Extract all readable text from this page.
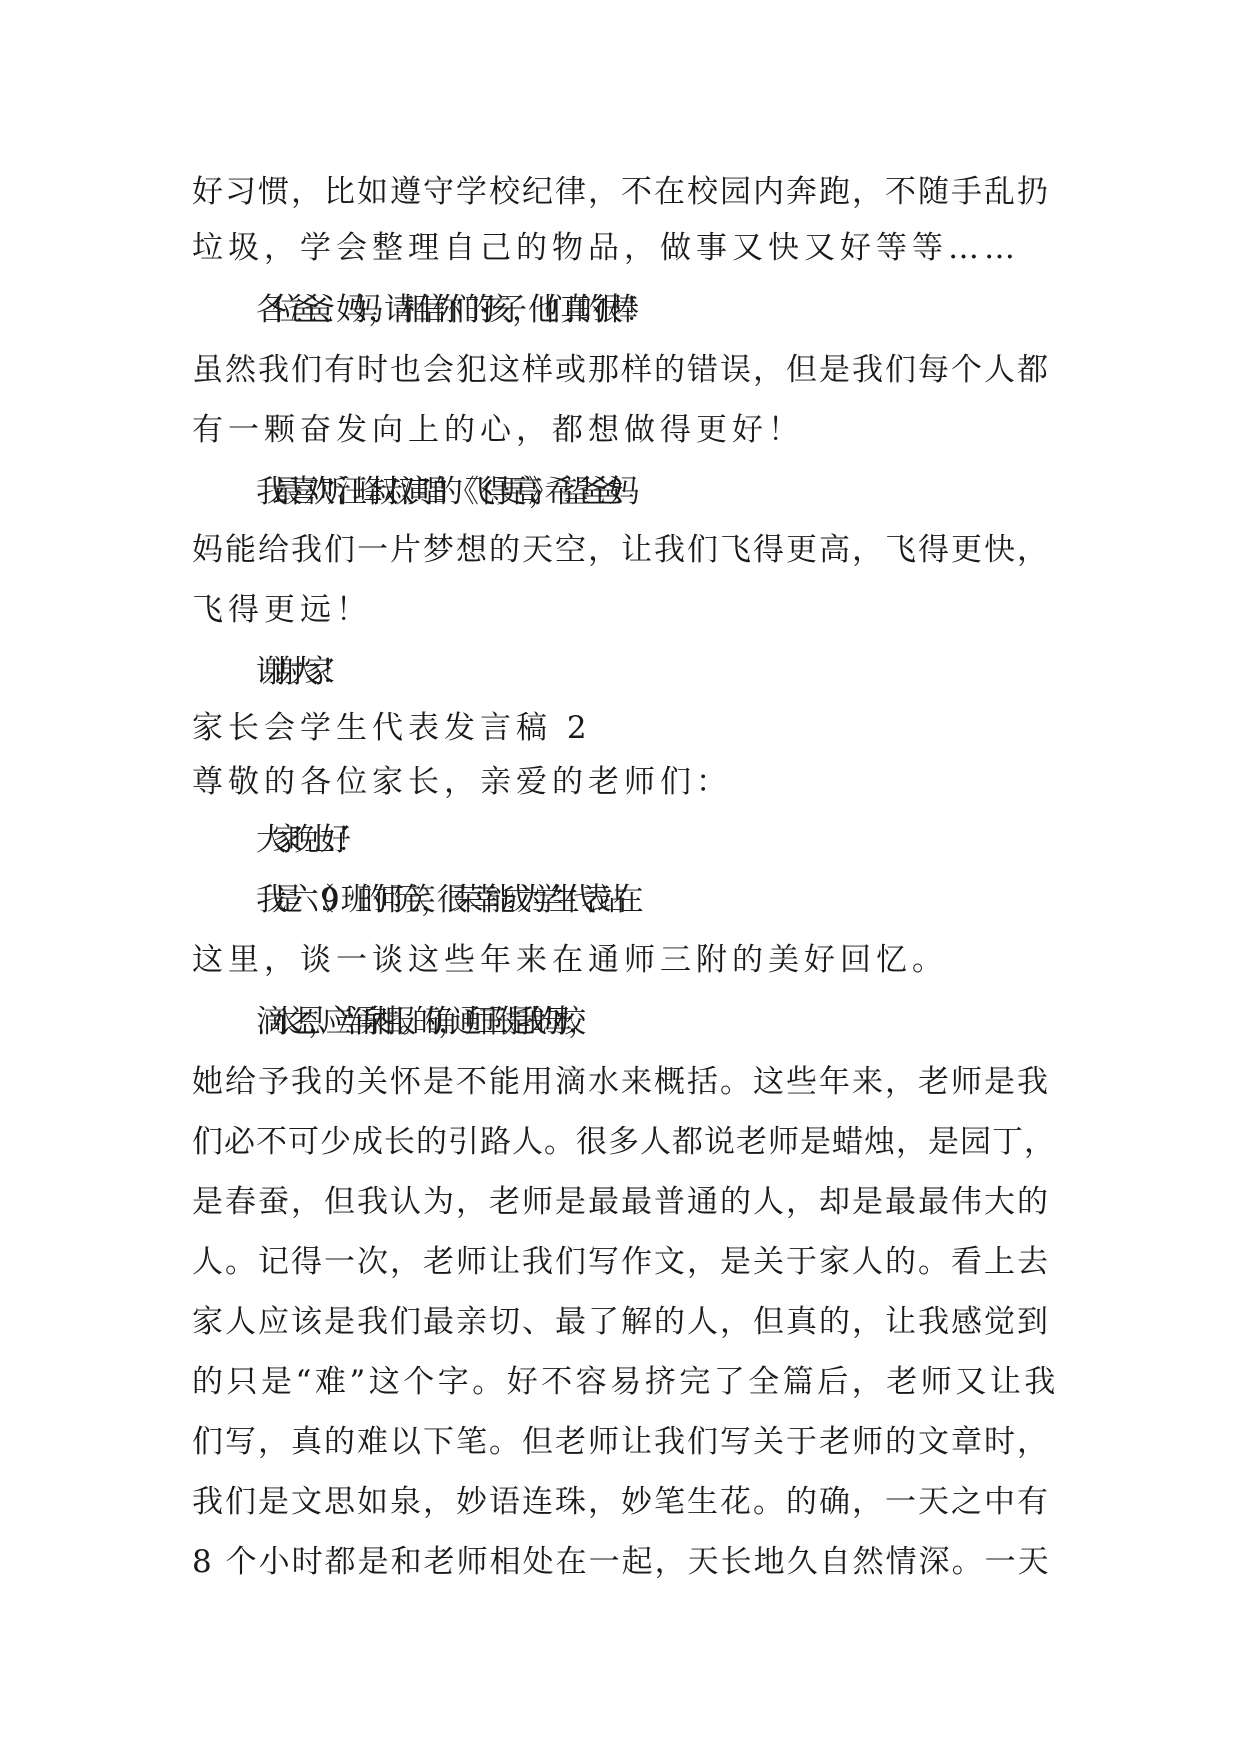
好习惯，比如遵守学校纪律，不在校园内奔跑，不随手乱扔
垃圾，学会整理自己的物品，做事又快又好等等……
各位爸爸、妈妈，请相信你们的孩子，他们真的很棒！
虽然我们有时也会犯这样或那样的错误，但是我们每个人都
有一颗奋发向上的心，都想做得更好！
我最喜欢听汪峰叔叔演唱的《飞得更高》，希望爸爸妈
妈能给我们一片梦想的天空，让我们飞得更高，飞得更快，
飞得更远！
谢谢大家！
家长会学生代表发言稿 2
尊敬的各位家长，亲爱的老师们：
大家晚上好！
我是六（9）班的何阮笑，很荣幸能成为学生代表站在
这里，谈一谈这些年来在通师三附的美好回忆。
滴水之恩，应当涌泉相报。的确，通师三附是我的母校，
她给予我的关怀是不能用滴水来概括。这些年来，老师是我
们必不可少成长的引路人。很多人都说老师是蜡烛，是园丁，
是春蚕，但我认为，老师是最最普通的人，却是最最伟大的
人。记得一次，老师让我们写作文，是关于家人的。看上去
家人应该是我们最亲切、最了解的人，但真的，让我感觉到
的只是“难”这个字。好不容易挤完了全篇后，老师又让我
们写，真的难以下笔。但老师让我们写关于老师的文章时，
我们是文思如泉，妙语连珠，妙笔生花。的确，一天之中有
8 个小时都是和老师相处在一起，天长地久自然情深。一天
